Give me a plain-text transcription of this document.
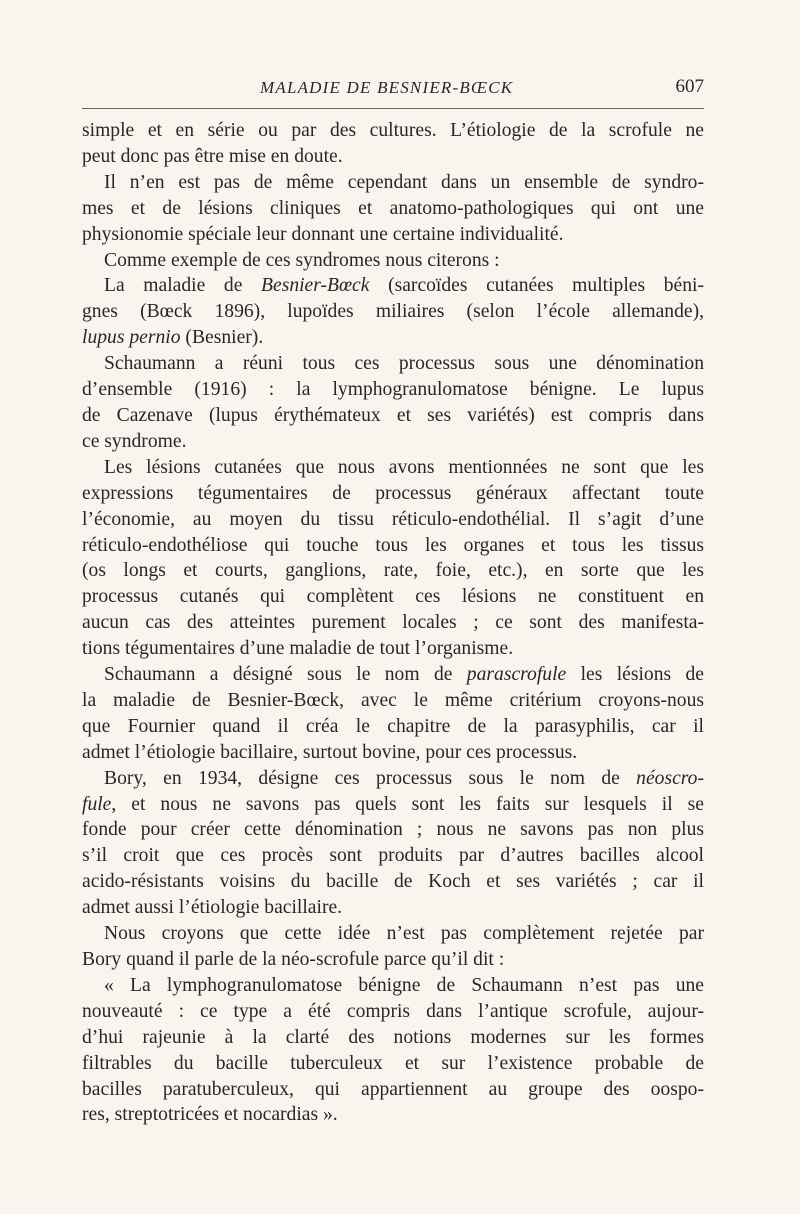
MALADIE DE BESNIER-BŒCK	607
simple et en série ou par des cultures. L’étiologie de la scrofule ne
peut donc pas être mise en doute.
Il n’en est pas de même cependant dans un ensemble de syndro-
mes et de lésions cliniques et anatomo-pathologiques qui ont une
physionomie spéciale leur donnant une certaine individualité.
Comme exemple de ces syndromes nous citerons :
La maladie de Besnier-Bœck (sarcoïdes cutanées multiples béni-
gnes (Bœck 1896), lupoïdes miliaires (selon l’école allemande),
lupus pernio (Besnier).
Schaumann a réuni tous ces processus sous une dénomination
d’ensemble (1916) : la lymphogranulomatose bénigne. Le lupus
de Cazenave (lupus érythémateux et ses variétés) est compris dans
ce syndrome.
Les lésions cutanées que nous avons mentionnées ne sont que les
expressions tégumentaires de processus généraux affectant toute
l’économie, au moyen du tissu réticulo-endothélial. Il s’agit d’une
réticulo-endothéliose qui touche tous les organes et tous les tissus
(os longs et courts, ganglions, rate, foie, etc.), en sorte que les
processus cutanés qui complètent ces lésions ne constituent en
aucun cas des atteintes purement locales ; ce sont des manifesta-
tions tégumentaires d’une maladie de tout l’organisme.
Schaumann a désigné sous le nom de parascrofule les lésions de
la maladie de Besnier-Bœck, avec le même critérium croyons-nous
que Fournier quand il créa le chapitre de la parasyphilis, car il
admet l’étiologie bacillaire, surtout bovine, pour ces processus.
Bory, en 1934, désigne ces processus sous le nom de néoscro-
fule, et nous ne savons pas quels sont les faits sur lesquels il se
fonde pour créer cette dénomination ; nous ne savons pas non plus
s’il croit que ces procès sont produits par d’autres bacilles alcool
acido-résistants voisins du bacille de Koch et ses variétés ; car il
admet aussi l’étiologie bacillaire.
Nous croyons que cette idée n’est pas complètement rejetée par
Bory quand il parle de la néo-scrofule parce qu’il dit :
« La lymphogranulomatose bénigne de Schaumann n’est pas une
nouveauté : ce type a été compris dans l’antique scrofule, aujour-
d’hui rajeunie à la clarté des notions modernes sur les formes
filtrables du bacille tuberculeux et sur l’existence probable de
bacilles paratuberculeux, qui appartiennent au groupe des oospo-
res, streptotricées et nocardias ».
